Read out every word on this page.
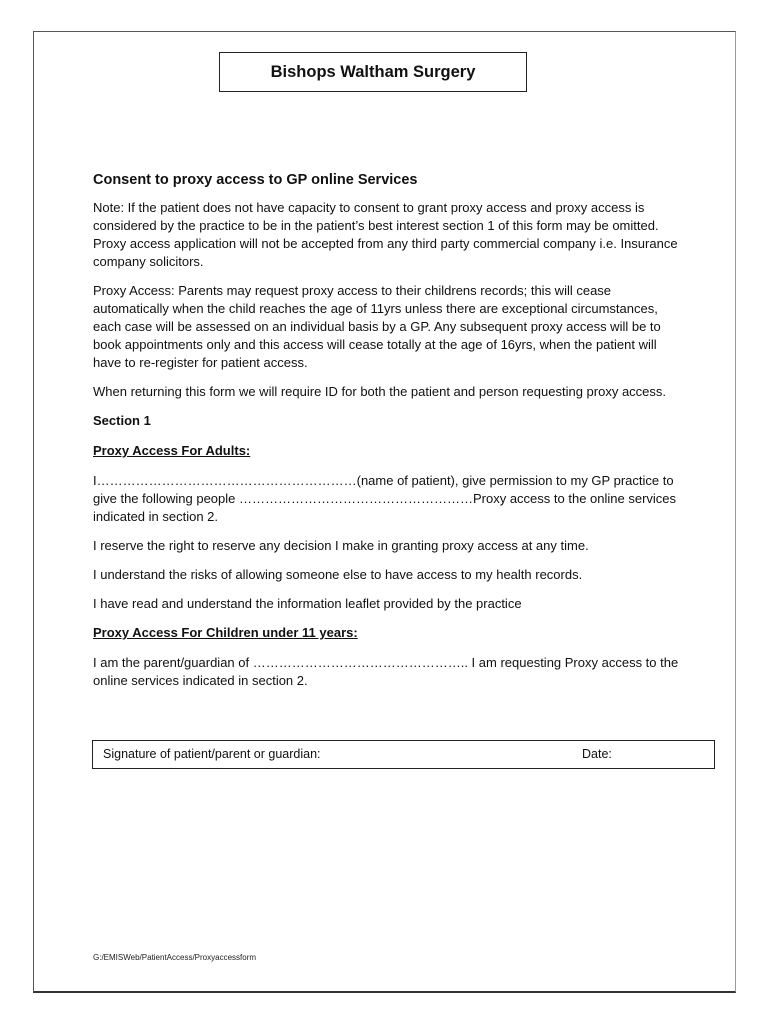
Bishops Waltham Surgery
Consent to proxy access to GP online Services

Note: If the patient does not have capacity to consent to grant proxy access and proxy access is considered by the practice to be in the patient’s best interest section 1 of this form may be omitted. Proxy access application will not be accepted from any third party commercial company i.e. Insurance company solicitors.

Proxy Access: Parents may request proxy access to their childrens records; this will cease automatically when the child reaches the age of 11yrs unless there are exceptional circumstances, each case will be assessed on an individual basis by a GP. Any subsequent proxy access will be to book appointments only and this access will cease totally at the age of 16yrs, when the patient will have to re-register for patient access.

When returning this form we will require ID for both the patient and person requesting proxy access.

Section 1
Proxy Access For Adults:

I……………………………………………………(name of patient), give permission to my GP practice to give the following people ………………………………………………Proxy access to the online services indicated in section 2.

I reserve the right to reserve any decision I make in granting proxy access at any time.

I understand the risks of allowing someone else to have access to my health records.

I have read and understand the information leaflet provided by the practice

Proxy Access For Children under 11 years:

I am the parent/guardian of ………………………………………….. I am requesting Proxy access to the online services indicated in section 2.

Signature of patient/parent or guardian:	Date:
G:/EMISWeb/PatientAccess/Proxyaccessform
